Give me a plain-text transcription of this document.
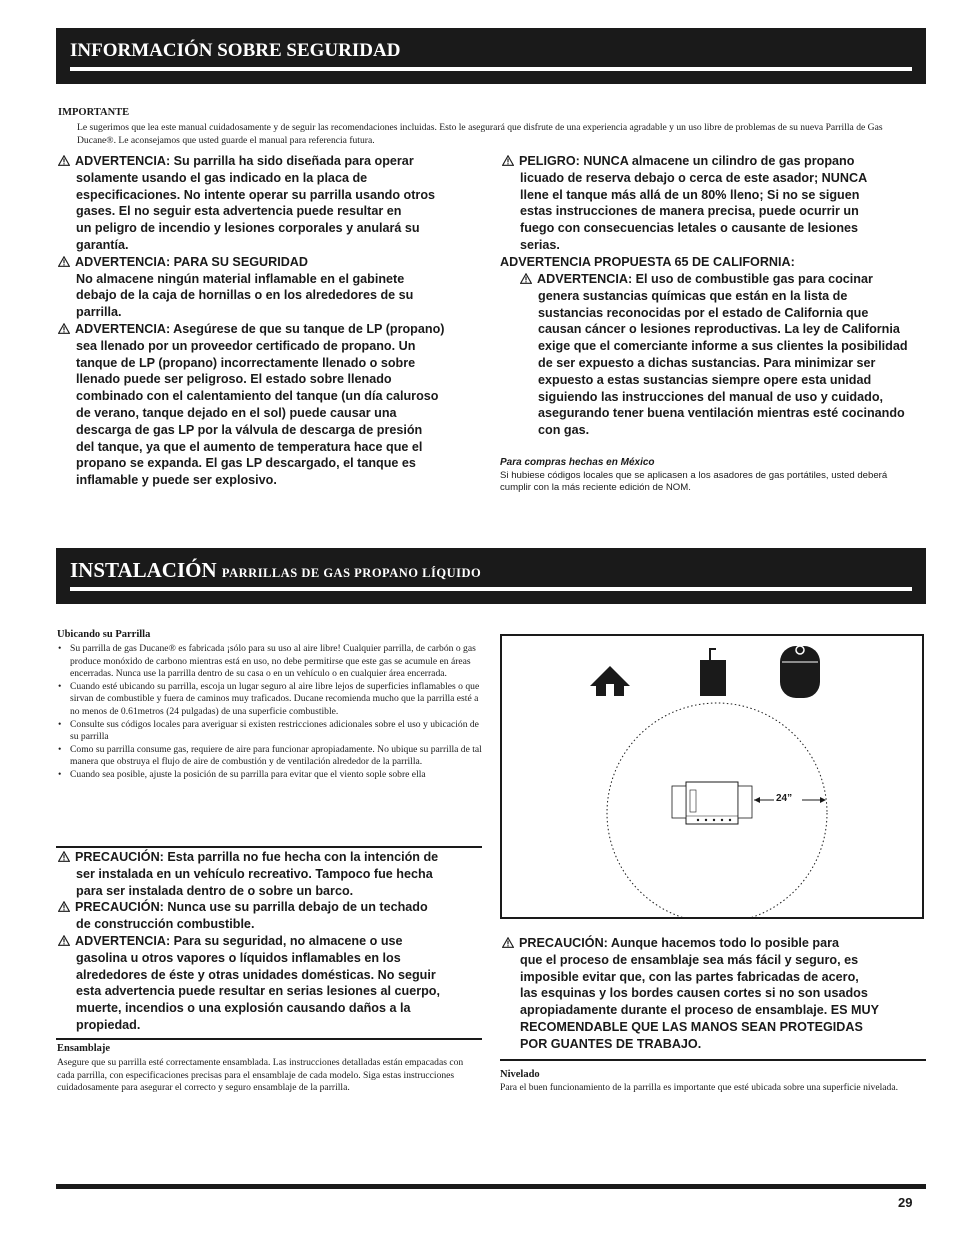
INFORMACIÓN SOBRE SEGURIDAD
IMPORTANTE
Le sugerimos que lea este manual cuidadosamente y de seguir las recomendaciones incluidas. Esto le asegurará que disfrute de una experiencia agradable y un uso libre de problemas de su nueva Parrilla de Gas Ducane®. Le aconsejamos que usted guarde el manual para referencia futura.

ADVERTENCIA: Su parrilla ha sido diseñada para operar
solamente usando el gas indicado en la placa de
especificaciones. No intente operar su parrilla usando otros
gases. El no seguir esta advertencia puede resultar en
un peligro de incendio y lesiones corporales y anulará su
garantía.

ADVERTENCIA: PARA SU SEGURIDAD
No almacene ningún material inflamable en el gabinete
debajo de la caja de hornillas o en los alrededores de su
parrilla.

ADVERTENCIA: Asegúrese de que su tanque de LP (propano)
sea llenado por un proveedor certificado de propano. Un
tanque de LP (propano) incorrectamente llenado o sobre
llenado puede ser peligroso. El estado sobre llenado
combinado con el calentamiento del tanque (un día caluroso
de verano, tanque dejado en el sol) puede causar una
descarga de gas LP por la válvula de descarga de presión
del tanque, ya que el aumento de temperatura hace que el
propano se expanda. El gas LP descargado, el tanque es
inflamable y puede ser explosivo.

PELIGRO: NUNCA almacene un cilindro de gas propano
licuado de reserva debajo o cerca de este asador; NUNCA
llene el tanque más allá de un 80% lleno; Si no se siguen
estas instrucciones de manera precisa, puede ocurrir un
fuego con consecuencias letales o causante de lesiones
serias.

ADVERTENCIA PROPUESTA 65 DE CALIFORNIA:

ADVERTENCIA: El uso de combustible gas para cocinar
genera sustancias químicas que están en la lista de
sustancias reconocidas por el estado de California que
causan cáncer o lesiones reproductivas. La ley de California
exige que el comerciante informe a sus clientes la posibilidad
de ser expuesto a dichas sustancias. Para minimizar ser
expuesto a estas sustancias siempre opere esta unidad
siguiendo las instrucciones del manual de uso y cuidado,
asegurando tener buena ventilación mientras esté cocinando
con gas.

Para compras hechas en México
Si hubiese códigos locales que se aplicasen a los asadores de gas portátiles, usted deberá cumplir con la más reciente edición de NOM.
INSTALACIÓN PARRILLAS DE GAS PROPANO LÍQUIDO
Ubicando su Parrilla
• Su parrilla de gas Ducane® es fabricada ¡sólo para su uso al aire libre! Cualquier parrilla, de carbón o gas produce monóxido de carbono mientras está en uso, no debe permitirse que este gas se acumule en áreas encerradas. Nunca use la parrilla dentro de su casa o en un vehículo o en cualquier área encerrada.
• Cuando esté ubicando su parrilla, escoja un lugar seguro al aire libre lejos de superficies inflamables o que sirvan de combustible y fuera de caminos muy traficados. Ducane recomienda mucho que la parrilla esté a no menos de 0.61metros (24 pulgadas) de una superficie combustible.
• Consulte sus códigos locales para averiguar si existen restricciones adicionales sobre el uso y ubicación de su parrilla
• Como su parrilla consume gas, requiere de aire para funcionar apropiadamente. No ubique su parrilla de tal manera que obstruya el flujo de aire de combustión y de ventilación alrededor de la parrilla.
• Cuando sea posible, ajuste la posición de su parrilla para evitar que el viento sople sobre ella

PRECAUCIÓN: Esta parrilla no fue hecha con la intención de
ser instalada en un vehículo recreativo. Tampoco fue hecha
para ser instalada dentro de o sobre un barco.

PRECAUCIÓN: Nunca use su parrilla debajo de un techado
de construcción combustible.

ADVERTENCIA: Para su seguridad, no almacene o use
gasolina u otros vapores o líquidos inflamables en los
alrededores de éste y otras unidades domésticas. No seguir
esta advertencia puede resultar en serias lesiones al cuerpo,
muerte, incendios o una explosión causando daños a la
propiedad.

Ensamblaje
Asegure que su parrilla esté correctamente ensamblada. Las instrucciones detalladas están empacadas con cada parrilla, con especificaciones precisas para el ensamblaje de cada modelo. Siga estas instrucciones cuidadosamente para asegurar el correcto y seguro ensamblaje de la parrilla.
24”

PRECAUCIÓN: Aunque hacemos todo lo posible para
que el proceso de ensamblaje sea más fácil y seguro, es
imposible evitar que, con las partes fabricadas de acero,
las esquinas y los bordes causen cortes si no son usados
apropiadamente durante el proceso de ensamblaje. ES MUY
RECOMENDABLE QUE LAS MANOS SEAN PROTEGIDAS
POR GUANTES DE TRABAJO.

Nivelado
Para el buen funcionamiento de la parrilla es importante que esté ubicada sobre una superficie nivelada.
29
